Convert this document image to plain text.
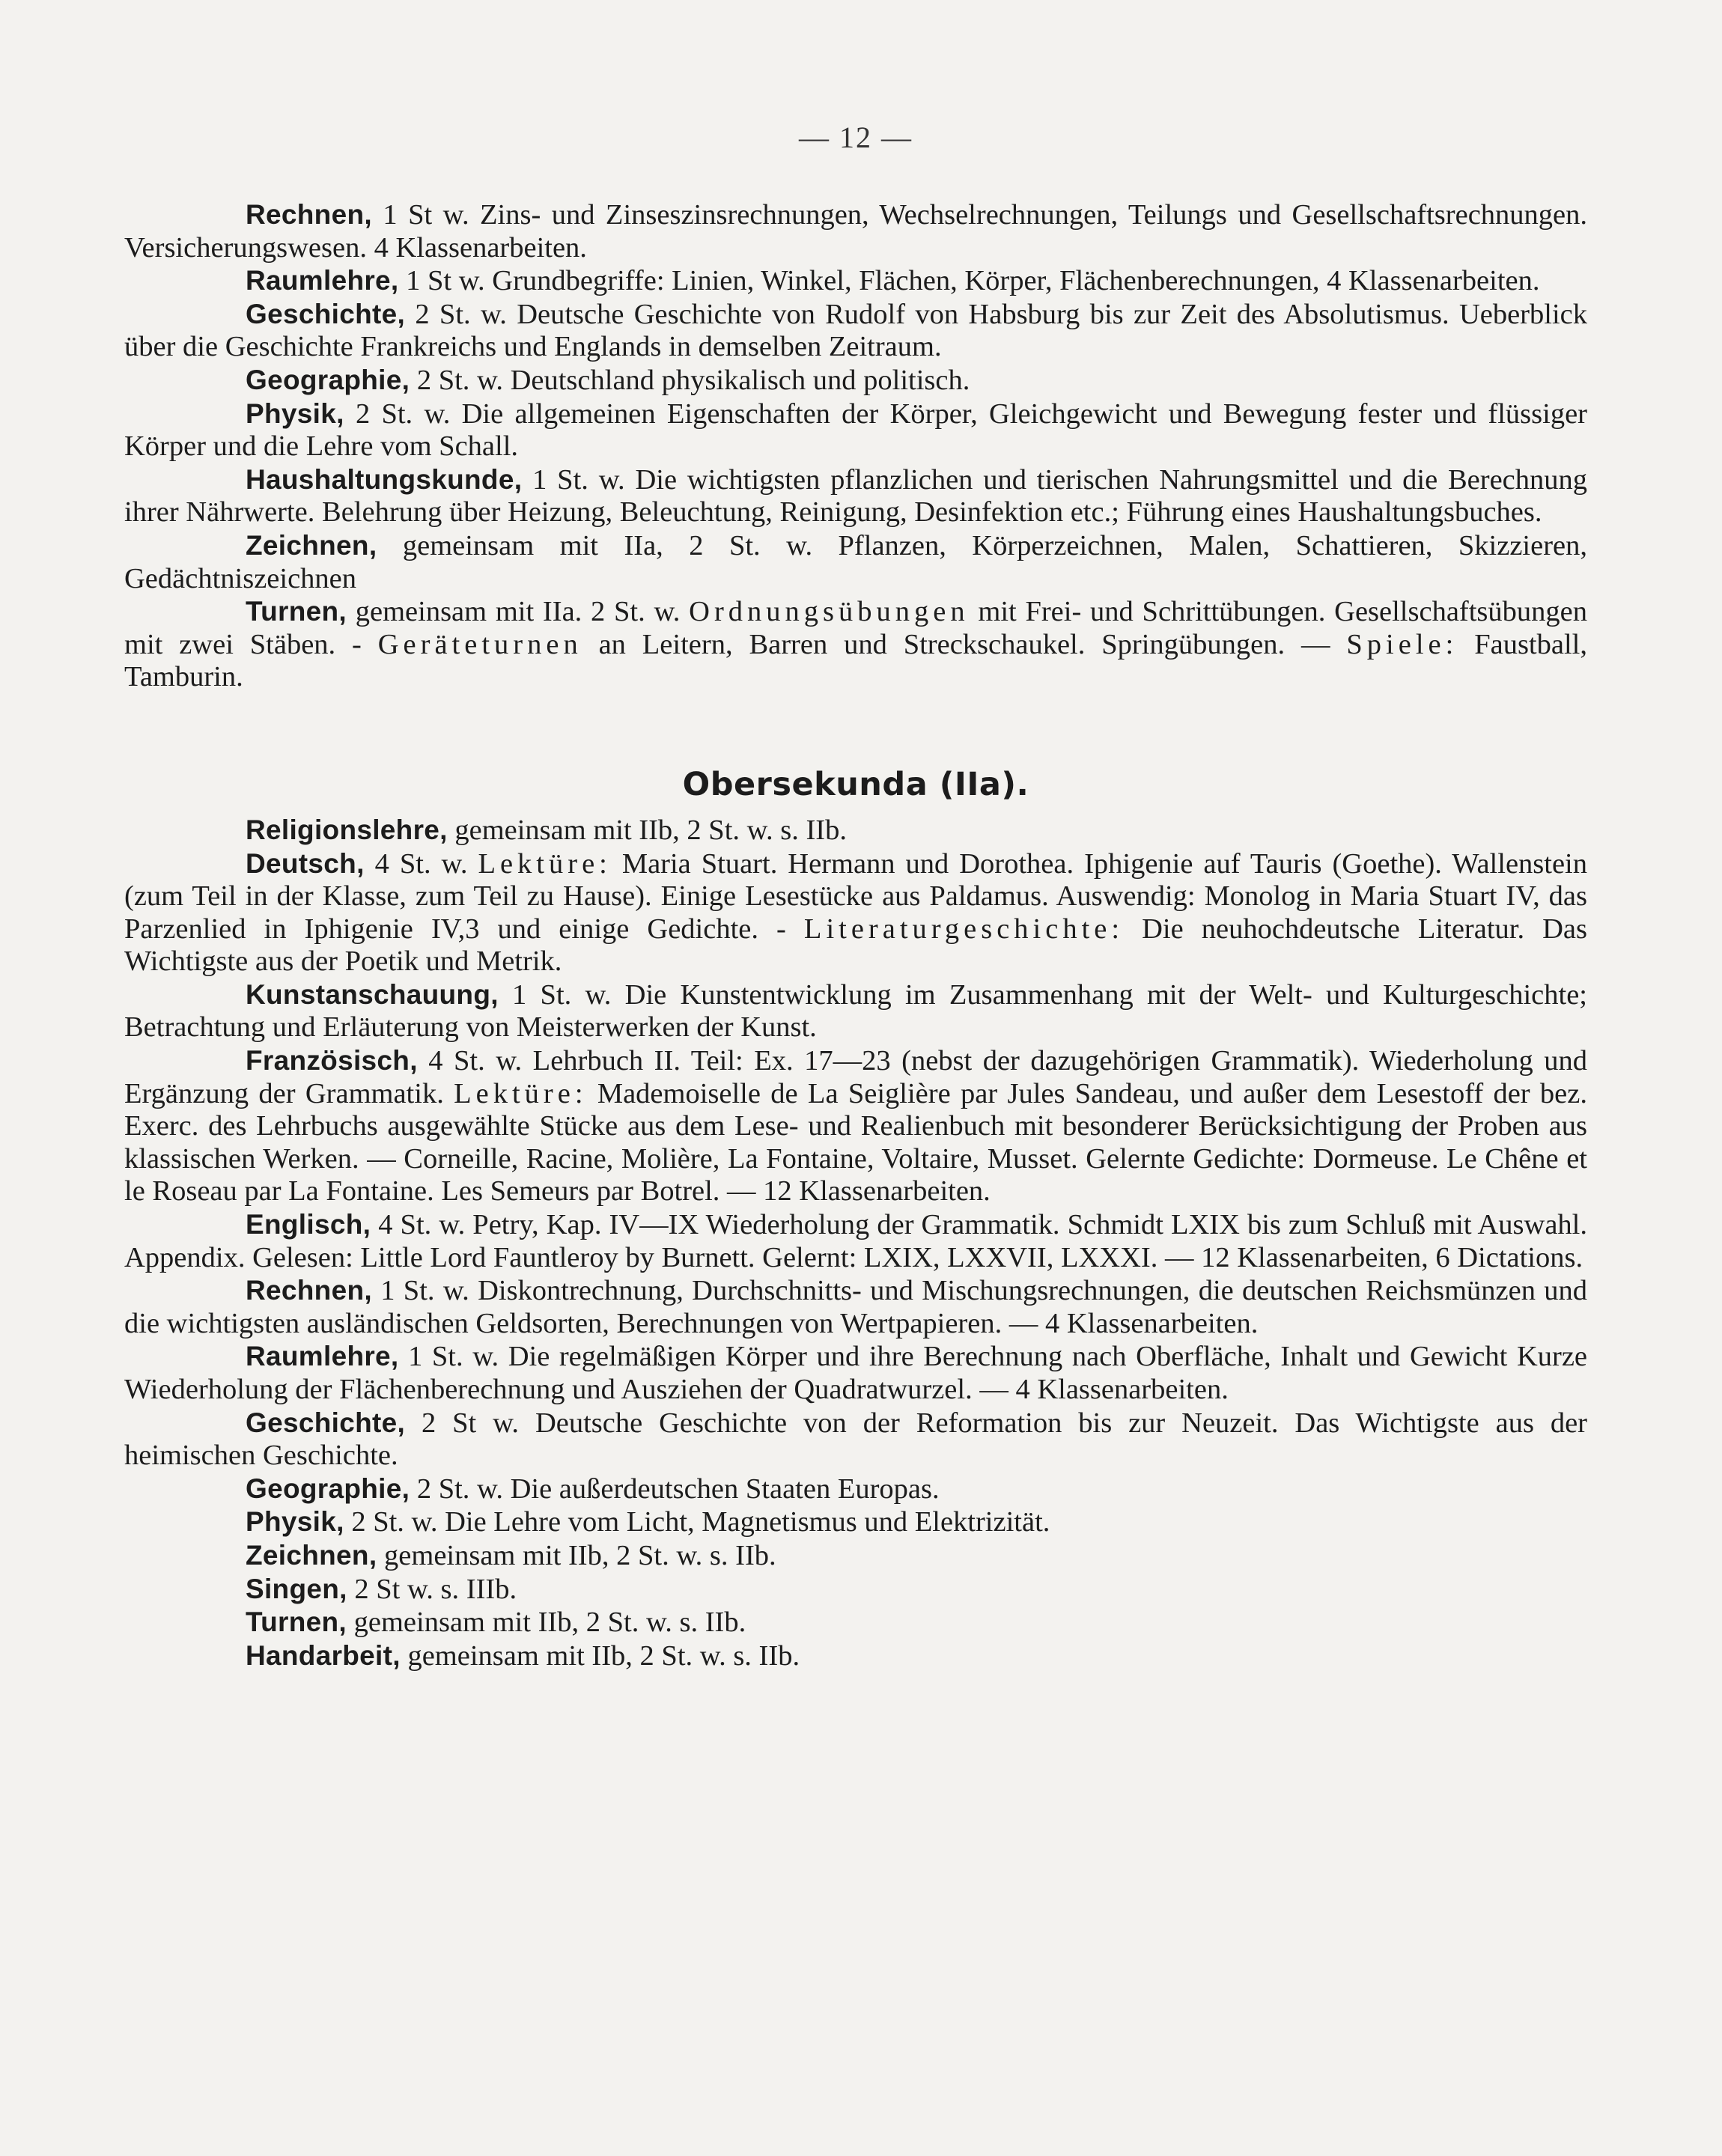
— 12 —

Rechnen, 1 St w. Zins- und Zinseszinsrechnungen, Wechselrechnungen, Teilungs und Gesellschaftsrechnungen. Versicherungswesen. 4 Klassenarbeiten.

Raumlehre, 1 St w. Grundbegriffe: Linien, Winkel, Flächen, Körper, Flächenberechnungen, 4 Klassenarbeiten.

Geschichte, 2 St. w. Deutsche Geschichte von Rudolf von Habsburg bis zur Zeit des Absolutismus. Ueberblick über die Geschichte Frankreichs und Englands in demselben Zeitraum.

Geographie, 2 St. w. Deutschland physikalisch und politisch.

Physik, 2 St. w. Die allgemeinen Eigenschaften der Körper, Gleichgewicht und Bewegung fester und flüssiger Körper und die Lehre vom Schall.

Haushaltungskunde, 1 St. w. Die wichtigsten pflanzlichen und tierischen Nahrungsmittel und die Berechnung ihrer Nährwerte. Belehrung über Heizung, Beleuchtung, Reinigung, Desinfektion etc.; Führung eines Haushaltungsbuches.

Zeichnen, gemeinsam mit IIa, 2 St. w. Pflanzen, Körperzeichnen, Malen, Schattieren, Skizzieren, Gedächtniszeichnen

Turnen, gemeinsam mit IIa. 2 St. w. Ordnungsübungen mit Frei- und Schrittübungen. Gesellschaftsübungen mit zwei Stäben. - Geräteturnen an Leitern, Barren und Streckschaukel. Springübungen. — Spiele: Faustball, Tamburin.

Obersekunda (IIa).

Religionslehre, gemeinsam mit IIb, 2 St. w. s. IIb.

Deutsch, 4 St. w. Lektüre: Maria Stuart. Hermann und Dorothea. Iphigenie auf Tauris (Goethe). Wallenstein (zum Teil in der Klasse, zum Teil zu Hause). Einige Lesestücke aus Paldamus. Auswendig: Monolog in Maria Stuart IV, das Parzenlied in Iphigenie IV,3 und einige Gedichte. - Literaturgeschichte: Die neuhochdeutsche Literatur. Das Wichtigste aus der Poetik und Metrik.

Kunstanschauung, 1 St. w. Die Kunstentwicklung im Zusammenhang mit der Welt- und Kulturgeschichte; Betrachtung und Erläuterung von Meisterwerken der Kunst.

Französisch, 4 St. w. Lehrbuch II. Teil: Ex. 17—23 (nebst der dazugehörigen Grammatik). Wiederholung und Ergänzung der Grammatik. Lektüre: Mademoiselle de La Seiglière par Jules Sandeau, und außer dem Lesestoff der bez. Exerc. des Lehrbuchs ausgewählte Stücke aus dem Lese- und Realienbuch mit besonderer Berücksichtigung der Proben aus klassischen Werken. — Corneille, Racine, Molière, La Fontaine, Voltaire, Musset. Gelernte Gedichte: Dormeuse. Le Chêne et le Roseau par La Fontaine. Les Semeurs par Botrel. — 12 Klassenarbeiten.

Englisch, 4 St. w. Petry, Kap. IV—IX Wiederholung der Grammatik. Schmidt LXIX bis zum Schluß mit Auswahl. Appendix. Gelesen: Little Lord Fauntleroy by Burnett. Gelernt: LXIX, LXXVII, LXXXI. — 12 Klassenarbeiten, 6 Dictations.

Rechnen, 1 St. w. Diskontrechnung, Durchschnitts- und Mischungsrechnungen, die deutschen Reichsmünzen und die wichtigsten ausländischen Geldsorten, Berechnungen von Wertpapieren. — 4 Klassenarbeiten.

Raumlehre, 1 St. w. Die regelmäßigen Körper und ihre Berechnung nach Oberfläche, Inhalt und Gewicht Kurze Wiederholung der Flächenberechnung und Ausziehen der Quadratwurzel. — 4 Klassenarbeiten.

Geschichte, 2 St w. Deutsche Geschichte von der Reformation bis zur Neuzeit. Das Wichtigste aus der heimischen Geschichte.

Geographie, 2 St. w. Die außerdeutschen Staaten Europas.

Physik, 2 St. w. Die Lehre vom Licht, Magnetismus und Elektrizität.

Zeichnen, gemeinsam mit IIb, 2 St. w. s. IIb.

Singen, 2 St w. s. IIIb.

Turnen, gemeinsam mit IIb, 2 St. w. s. IIb.

Handarbeit, gemeinsam mit IIb, 2 St. w. s. IIb.
